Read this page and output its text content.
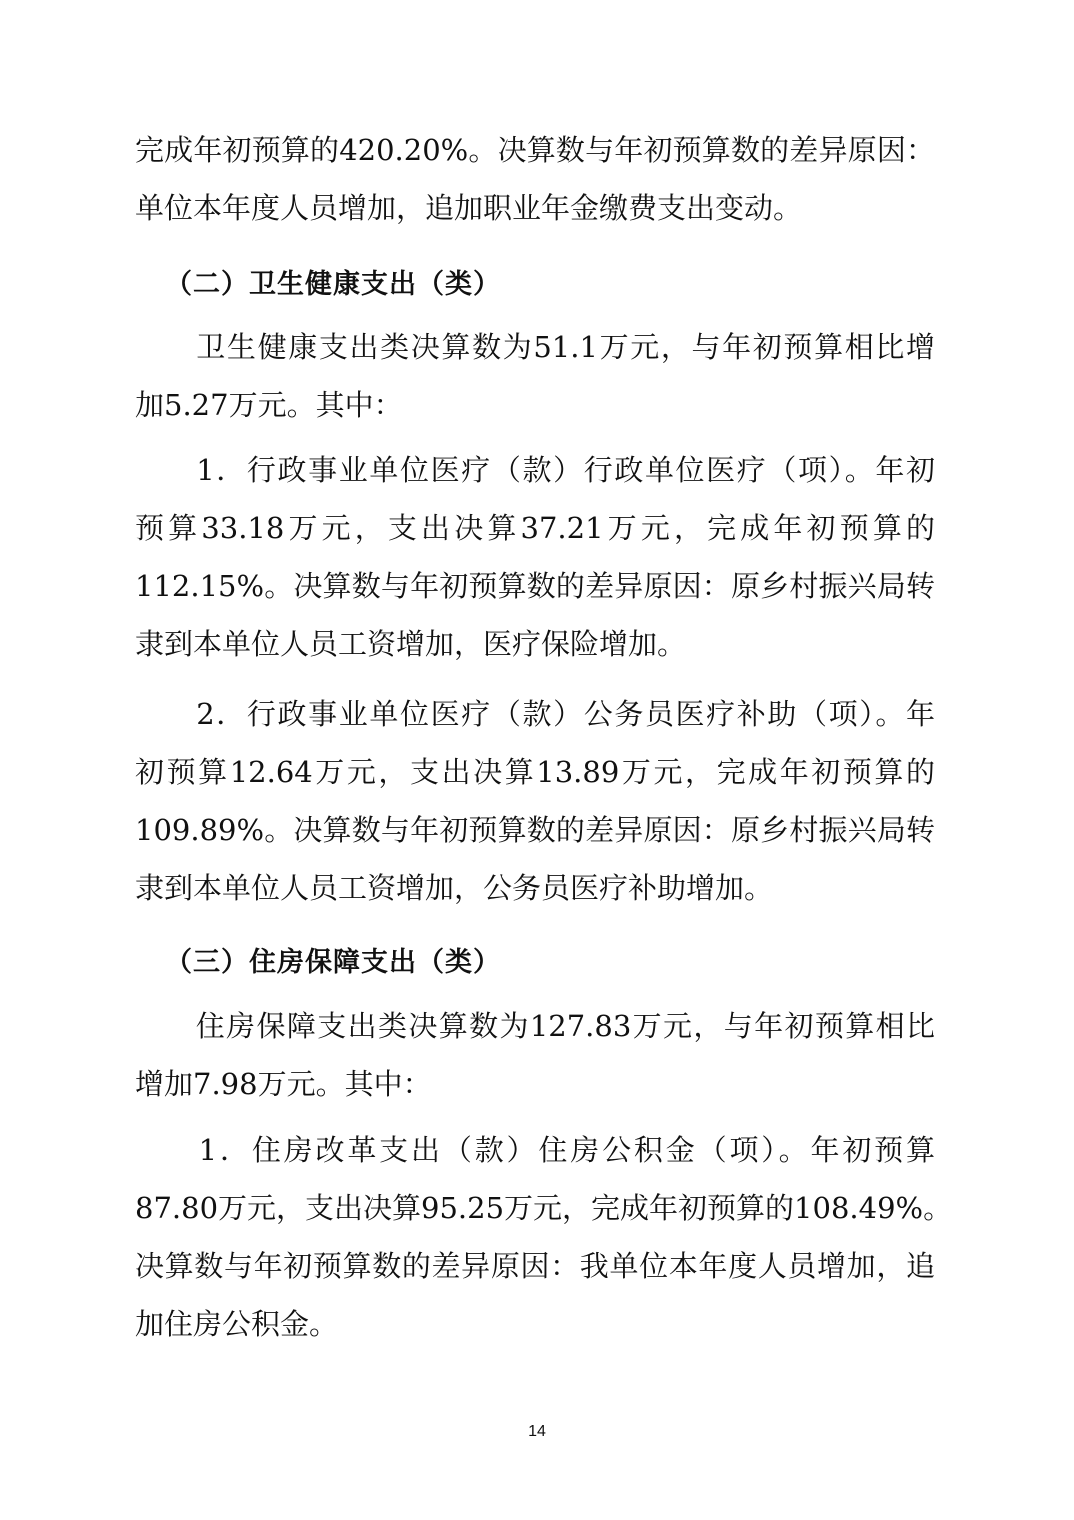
完成年初预算的420.20%。决算数与年初预算数的差异原因：
单位本年度人员增加，追加职业年金缴费支出变动。
（二）卫生健康支出（类）
　　卫生健康支出类决算数为51.1万元，与年初预算相比增
加5.27万元。其中：
　　1．行政事业单位医疗（款）行政单位医疗（项）。年初
预算33.18万元，支出决算37.21万元，完成年初预算的
112.15%。决算数与年初预算数的差异原因：原乡村振兴局转
隶到本单位人员工资增加，医疗保险增加。
　　2．行政事业单位医疗（款）公务员医疗补助（项）。年
初预算12.64万元，支出决算13.89万元，完成年初预算的
109.89%。决算数与年初预算数的差异原因：原乡村振兴局转
隶到本单位人员工资增加，公务员医疗补助增加。
（三）住房保障支出（类）
　　住房保障支出类决算数为127.83万元，与年初预算相比
增加7.98万元。其中：
　　1．住房改革支出（款）住房公积金（项）。年初预算
87.80万元，支出决算95.25万元，完成年初预算的108.49%。
决算数与年初预算数的差异原因：我单位本年度人员增加，追
加住房公积金。
14
